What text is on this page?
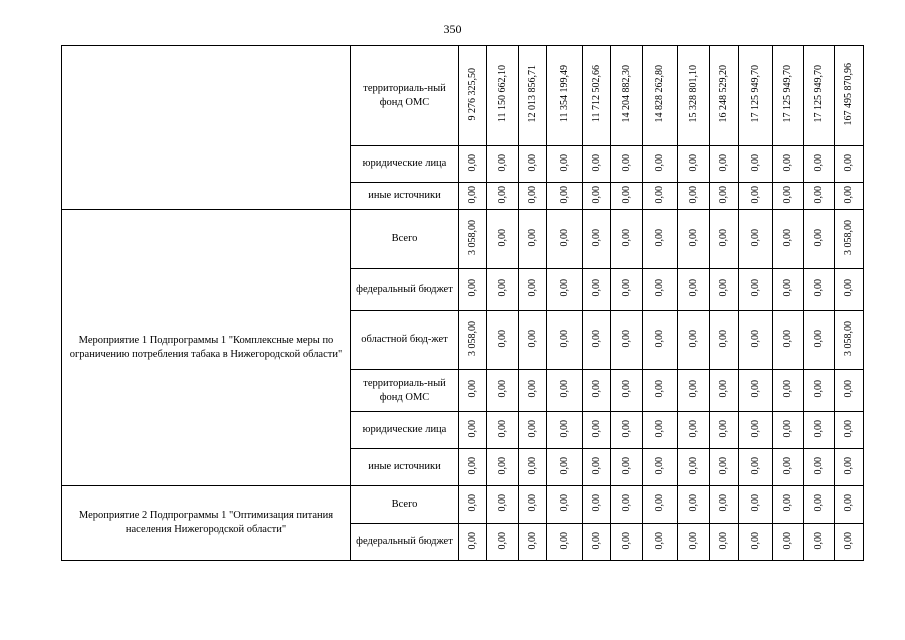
350
	территориаль-ный фонд ОМС	9 276 325,50	11 150 662,10	12 013 856,71	11 354 199,49	11 712 502,66	14 204 882,30	14 828 262,80	15 328 801,10	16 248 529,20	17 125 949,70	17 125 949,70	17 125 949,70	167 495 870,96
	юридические лица	0,00	0,00	0,00	0,00	0,00	0,00	0,00	0,00	0,00	0,00	0,00	0,00	0,00
	иные источники	0,00	0,00	0,00	0,00	0,00	0,00	0,00	0,00	0,00	0,00	0,00	0,00	0,00
Мероприятие 1 Подпрограммы 1 "Комплексные меры по ограничению потребления табака в Нижегородской области"	Всего	3 058,00	0,00	0,00	0,00	0,00	0,00	0,00	0,00	0,00	0,00	0,00	0,00	3 058,00
	федеральный бюджет	0,00	0,00	0,00	0,00	0,00	0,00	0,00	0,00	0,00	0,00	0,00	0,00	0,00
	областной бюд-жет	3 058,00	0,00	0,00	0,00	0,00	0,00	0,00	0,00	0,00	0,00	0,00	0,00	3 058,00
	территориаль-ный фонд ОМС	0,00	0,00	0,00	0,00	0,00	0,00	0,00	0,00	0,00	0,00	0,00	0,00	0,00
	юридические лица	0,00	0,00	0,00	0,00	0,00	0,00	0,00	0,00	0,00	0,00	0,00	0,00	0,00
	иные источники	0,00	0,00	0,00	0,00	0,00	0,00	0,00	0,00	0,00	0,00	0,00	0,00	0,00
Мероприятие 2 Подпрограммы 1 "Оптимизация питания населения Нижегородской области"	Всего	0,00	0,00	0,00	0,00	0,00	0,00	0,00	0,00	0,00	0,00	0,00	0,00	0,00
	федеральный бюджет	0,00	0,00	0,00	0,00	0,00	0,00	0,00	0,00	0,00	0,00	0,00	0,00	0,00
